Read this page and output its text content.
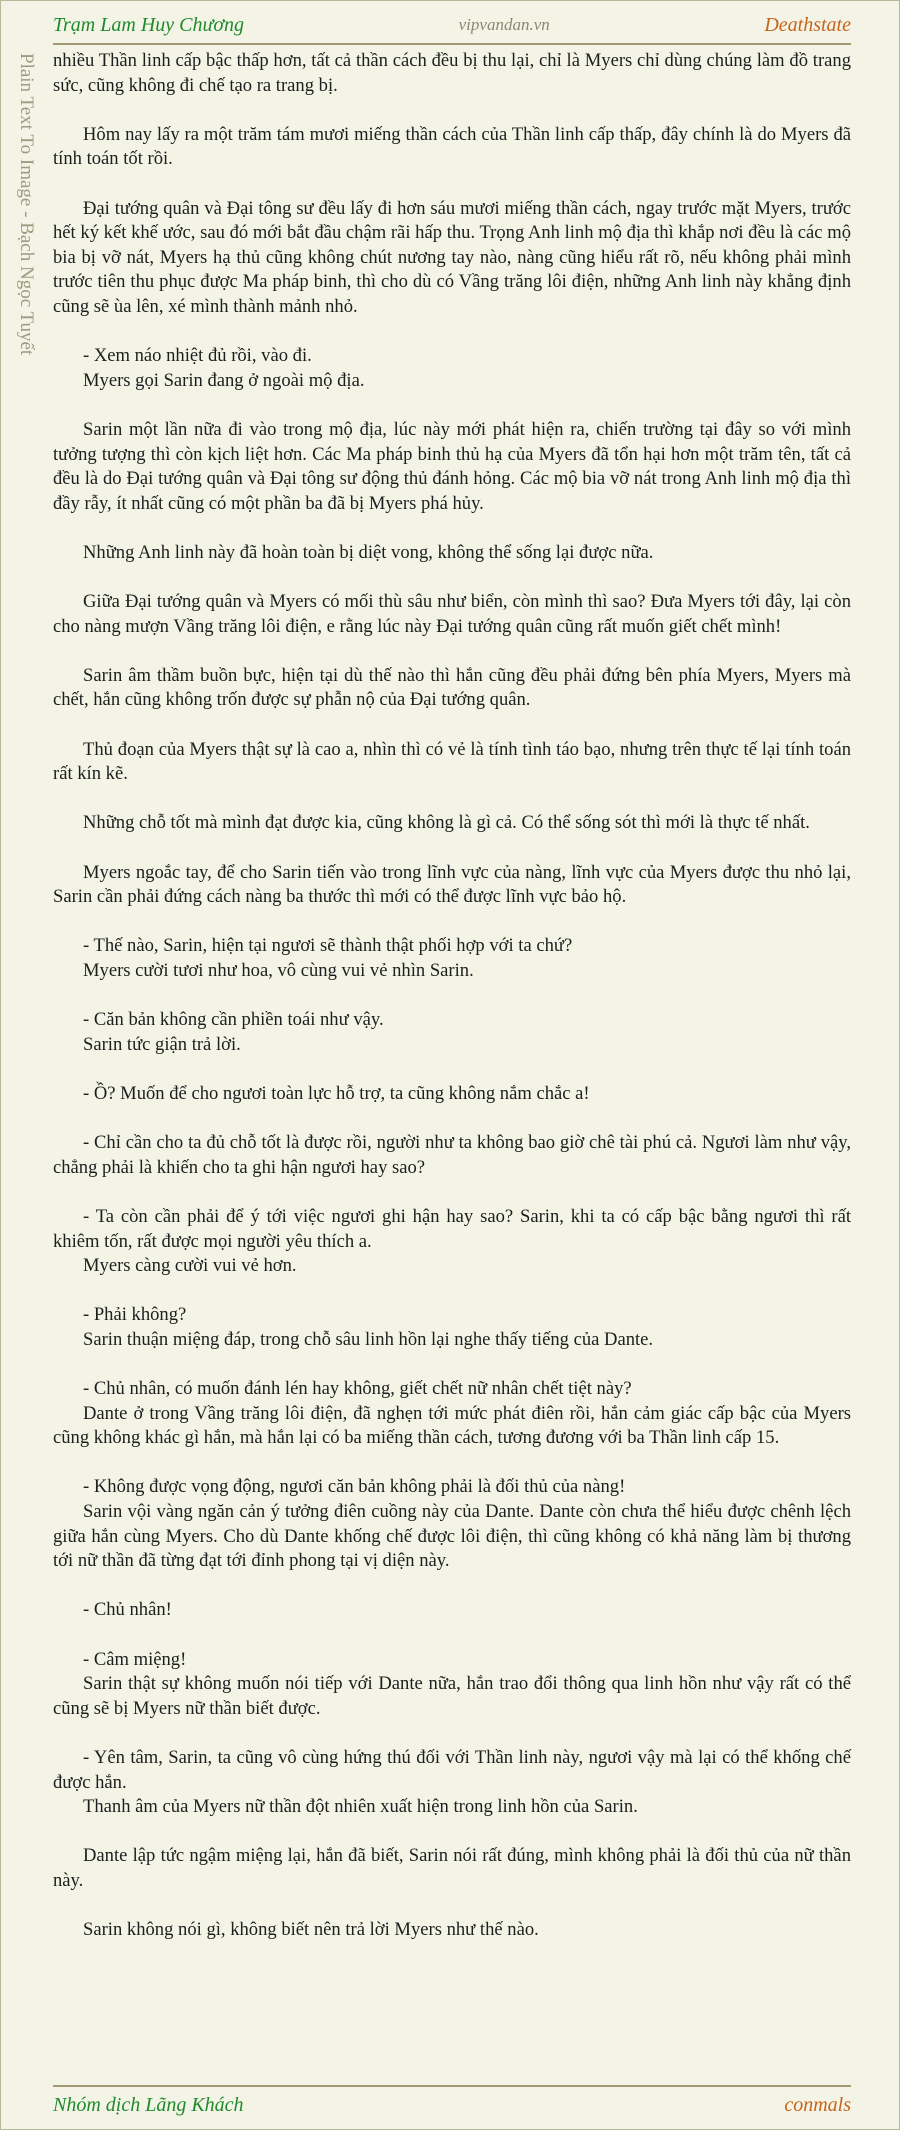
Trạm Lam Huy Chương	vipvandan.vn	Deathstate
Plain Text To Image - Bạch Ngọc Tuyết nhiều Thần linh cấp bậc thấp hơn, tất cả thần cách đều bị thu lại, chỉ là Myers chỉ dùng chúng làm đồ trang sức, cũng không đi chế tạo ra trang bị.

Hôm nay lấy ra một trăm tám mươi miếng thần cách của Thần linh cấp thấp, đây chính là do Myers đã tính toán tốt rồi.

Đại tướng quân và Đại tông sư đều lấy đi hơn sáu mươi miếng thần cách, ngay trước mặt Myers, trước hết ký kết khế ước, sau đó mới bắt đầu chậm rãi hấp thu. Trọng Anh linh mộ địa thì khắp nơi đều là các mộ bia bị vỡ nát, Myers hạ thủ cũng không chút nương tay nào, nàng cũng hiểu rất rõ, nếu không phải mình trước tiên thu phục được Ma pháp binh, thì cho dù có Vầng trăng lôi điện, những Anh linh này khẳng định cũng sẽ ùa lên, xé mình thành mảnh nhỏ.

- Xem náo nhiệt đủ rồi, vào đi.
Myers gọi Sarin đang ở ngoài mộ địa.

Sarin một lần nữa đi vào trong mộ địa, lúc này mới phát hiện ra, chiến trường tại đây so với mình tưởng tượng thì còn kịch liệt hơn. Các Ma pháp binh thủ hạ của Myers đã tổn hại hơn một trăm tên, tất cả đều là do Đại tướng quân và Đại tông sư động thủ đánh hỏng. Các mộ bia vỡ nát trong Anh linh mộ địa thì đầy rẫy, ít nhất cũng có một phần ba đã bị Myers phá hủy.

Những Anh linh này đã hoàn toàn bị diệt vong, không thể sống lại được nữa.

Giữa Đại tướng quân và Myers có mối thù sâu như biển, còn mình thì sao? Đưa Myers tới đây, lại còn cho nàng mượn Vầng trăng lôi điện, e rằng lúc này Đại tướng quân cũng rất muốn giết chết mình!

Sarin âm thầm buồn bực, hiện tại dù thế nào thì hắn cũng đều phải đứng bên phía Myers, Myers mà chết, hắn cũng không trốn được sự phẫn nộ của Đại tướng quân.

Thủ đoạn của Myers thật sự là cao a, nhìn thì có vẻ là tính tình táo bạo, nhưng trên thực tế lại tính toán rất kín kẽ.

Những chỗ tốt mà mình đạt được kia, cũng không là gì cả. Có thể sống sót thì mới là thực tế nhất.

Myers ngoắc tay, để cho Sarin tiến vào trong lĩnh vực của nàng, lĩnh vực của Myers được thu nhỏ lại, Sarin cần phải đứng cách nàng ba thước thì mới có thể được lĩnh vực bảo hộ.

- Thế nào, Sarin, hiện tại ngươi sẽ thành thật phối hợp với ta chứ?
Myers cười tươi như hoa, vô cùng vui vẻ nhìn Sarin.

- Căn bản không cần phiền toái như vậy.
Sarin tức giận trả lời.

- Ồ? Muốn để cho ngươi toàn lực hỗ trợ, ta cũng không nắm chắc a!

- Chỉ cần cho ta đủ chỗ tốt là được rồi, người như ta không bao giờ chê tài phú cả. Ngươi làm như vậy, chẳng phải là khiến cho ta ghi hận ngươi hay sao?

- Ta còn cần phải để ý tới việc ngươi ghi hận hay sao? Sarin, khi ta có cấp bậc bằng ngươi thì rất khiêm tốn, rất được mọi người yêu thích a.
Myers càng cười vui vẻ hơn.

- Phải không?
Sarin thuận miệng đáp, trong chỗ sâu linh hồn lại nghe thấy tiếng của Dante.

- Chủ nhân, có muốn đánh lén hay không, giết chết nữ nhân chết tiệt này?
Dante ở trong Vầng trăng lôi điện, đã nghẹn tới mức phát điên rồi, hắn cảm giác cấp bậc của Myers cũng không khác gì hắn, mà hắn lại có ba miếng thần cách, tương đương với ba Thần linh cấp 15.

- Không được vọng động, ngươi căn bản không phải là đối thủ của nàng!
Sarin vội vàng ngăn cản ý tưởng điên cuồng này của Dante. Dante còn chưa thể hiểu được chênh lệch giữa hắn cùng Myers. Cho dù Dante khống chế được lôi điện, thì cũng không có khả năng làm bị thương tới nữ thần đã từng đạt tới đỉnh phong tại vị diện này.

- Chủ nhân!

- Câm miệng!
Sarin thật sự không muốn nói tiếp với Dante nữa, hắn trao đổi thông qua linh hồn như vậy rất có thể cũng sẽ bị Myers nữ thần biết được.

- Yên tâm, Sarin, ta cũng vô cùng hứng thú đối với Thần linh này, ngươi vậy mà lại có thể khống chế được hắn.
Thanh âm của Myers nữ thần đột nhiên xuất hiện trong linh hồn của Sarin.

Dante lập tức ngậm miệng lại, hắn đã biết, Sarin nói rất đúng, mình không phải là đối thủ của nữ thần này.

Sarin không nói gì, không biết nên trả lời Myers như thế nào.

Nhóm dịch Lãng Khách	conmals
